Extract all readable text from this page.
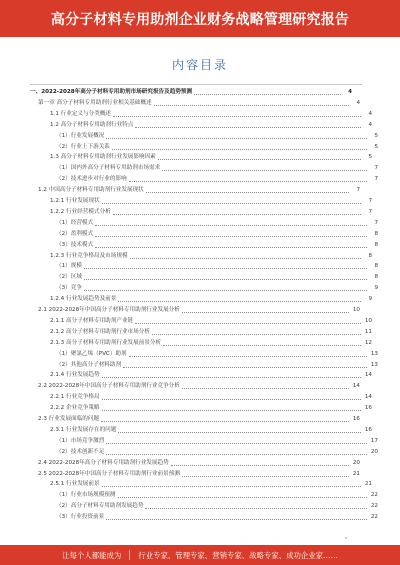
高分子材料专用助剂企业财务战略管理研究报告
内容目录
一、2022-2028年高分子材料专用助剂市场研究报告及趋势预测	4
第一章 高分子材料专用助剂行业相关基础概述	4
1.1 行业定义与分类概述	4
1.2 高分子材料专用助剂行业特点	4
（1）行业发展概况	5
（2）行业上下游关系	5
1.3 高分子材料专用助剂行业发展影响因素	5
（1）国内外高分子材料专用助剂市场需求	7
（2）技术进步对行业的影响	7
1.2 中国高分子材料专用助剂行业发展现状	7
1.2.1 行业发展现状	7
1.2.2 行业经营模式分析	7
（1）经营模式	7
（2）盈利模式	8
（3）技术模式	8
1.2.3 行业竞争格局及市场规模	8
（1）规模	8
（2）区域	8
（3）竞争	9
1.2.4 行业发展趋势及前景	9
2.1 2022-2028年中国高分子材料专用助剂行业发展分析	10
2.1.1 高分子材料专用助剂产业链	10
2.1.2 高分子材料专用助剂行业市场分析	11
2.1.3 高分子材料专用助剂行业发展前景分析	12
（1）聚氯乙烯（PVC）助剂	13
（2）其他高分子材料助剂	13
2.1.4 行业发展趋势	14
2.2 2022-2028年中国高分子材料专用助剂行业竞争分析	14
2.2.1 行业竞争格局	14
2.2.2 企业竞争策略	16
2.3 行业发展面临的问题	16
2.3.1 行业发展存在的问题	16
（1）市场竞争激烈	17
（2）技术创新不足	20
2.4 2022-2028年高分子材料专用助剂行业发展趋势	20
2.5 2022-2028年中国高分子材料专用助剂行业前景预测	21
2.5.1 行业发展前景	21
（1）行业市场规模预测	22
（2）高分子材料专用助剂发展趋势	22
（3）行业投资前景	22
让每个人都能成为 行业专家、管理专家、营销专家、战略专家、成功企业家……
